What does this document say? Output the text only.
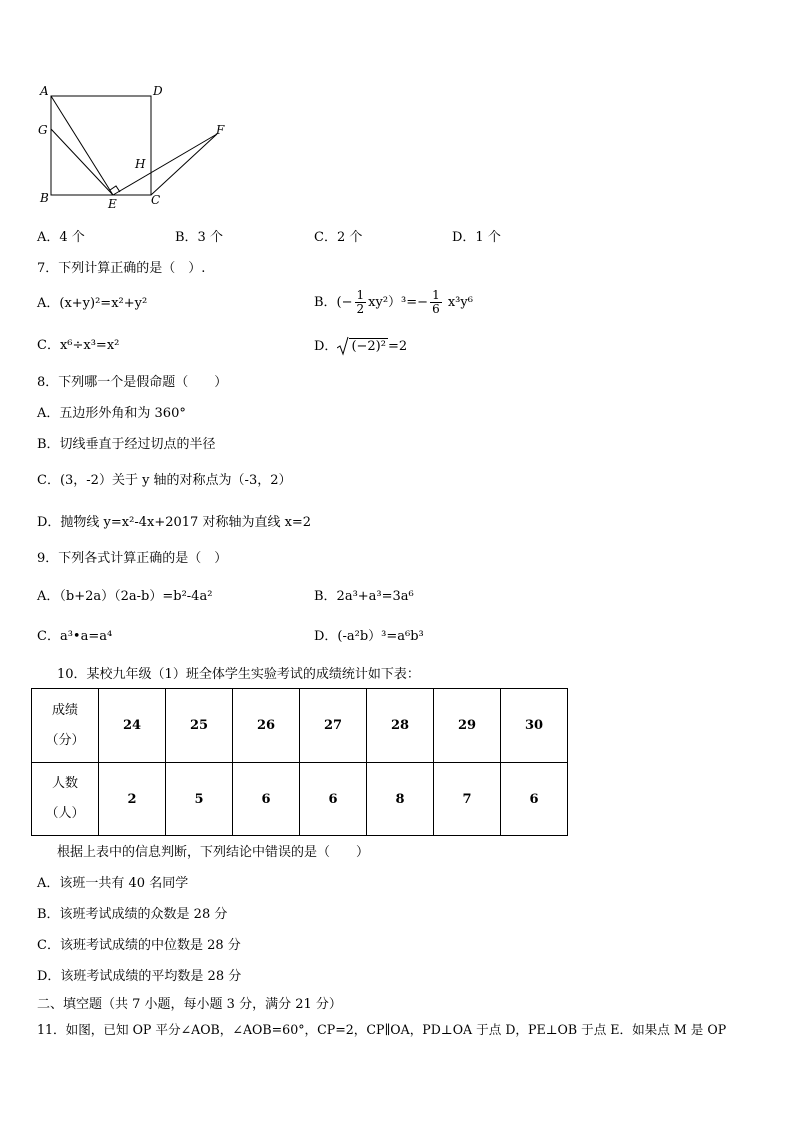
A	D
G	F
H
B	E	C
A．4 个	B．3 个	C．2 个	D．1 个
7．下列计算正确的是（　）.
A．(x+y)²=x²+y²	B．(− $\frac{1}{2} xy^2)^3=- \frac{1}{6} x^3y^6$
C．x⁶÷x³=x²	D． (−2)² =2
8．下列哪一个是假命题（　　）
A．五边形外角和为 360°
B．切线垂直于经过切点的半径
C．(3，-2）关于 y 轴的对称点为（-3，2）
D．抛物线 y=x²-4x+2017 对称轴为直线 x=2
9．下列各式计算正确的是（　）
A．（b+2a）（2a-b）=b²-4a²	B．2a³+a³=3a⁶
C．a³•a=a⁴	D．(-a²b）³=a⁶b³
10．某校九年级（1）班全体学生实验考试的成绩统计如下表：
成绩
（分）	24	25	26	27	28	29	30

人数
（人）	2	5	6	6	8	7	6
根据上表中的信息判断，下列结论中错误的是（　　）
A．该班一共有 40 名同学
B．该班考试成绩的众数是 28 分
C．该班考试成绩的中位数是 28 分
D．该班考试成绩的平均数是 28 分
二、填空题（共 7 小题，每小题 3 分，满分 21 分）
11．如图，已知 OP 平分∠AOB，∠AOB=60°，CP=2，CP∥OA，PD⊥OA 于点 D，PE⊥OB 于点 E．如果点 M 是 OP
